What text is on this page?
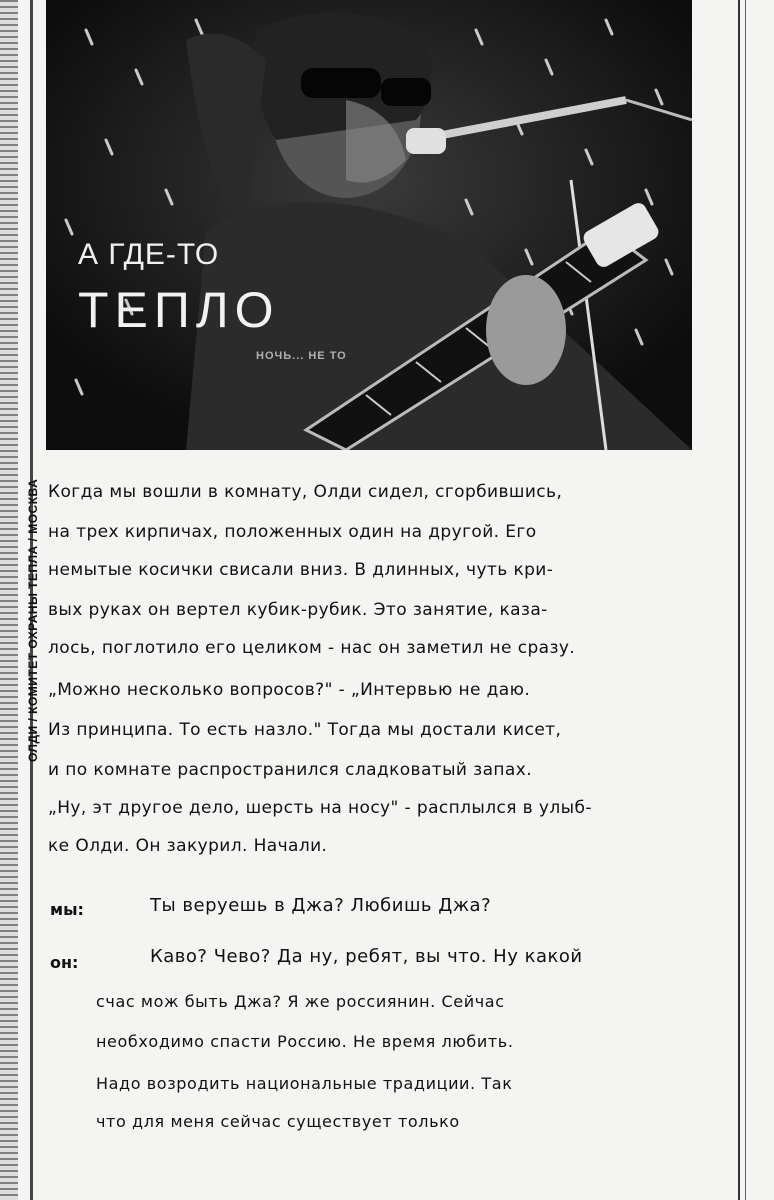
ОЛДИ / КОМИТЕТ ОХРАНЫ ТЕПЛА / МОСКВА
А ГДЕ-ТО
ТЕПЛО
НОЧЬ... НЕ ТО
Когда мы вошли в комнату, Олди сидел, сгорбившись,
на трех кирпичах, положенных один на другой. Его
немытые косички свисали вниз. В длинных, чуть кри-
вых руках он вертел кубик-рубик. Это занятие, каза-
лось, поглотило его целиком - нас он заметил не сразу.
„Можно несколько вопросов?" - „Интервью не даю.
Из принципа. То есть назло." Тогда мы достали кисет,
и по комнате распространился сладковатый запах.
„Ну, эт другое дело, шерсть на носу" - расплылся в улыб-
ке Олди. Он закурил. Начали.
мы:	Ты веруешь в Джа? Любишь Джа?
он:	Каво? Чево? Да ну, ребят, вы что. Ну какой
счас мож быть Джа? Я же россиянин. Сейчас
необходимо спасти Россию. Не время любить.
Надо возродить национальные традиции. Так
что для меня сейчас существует только
